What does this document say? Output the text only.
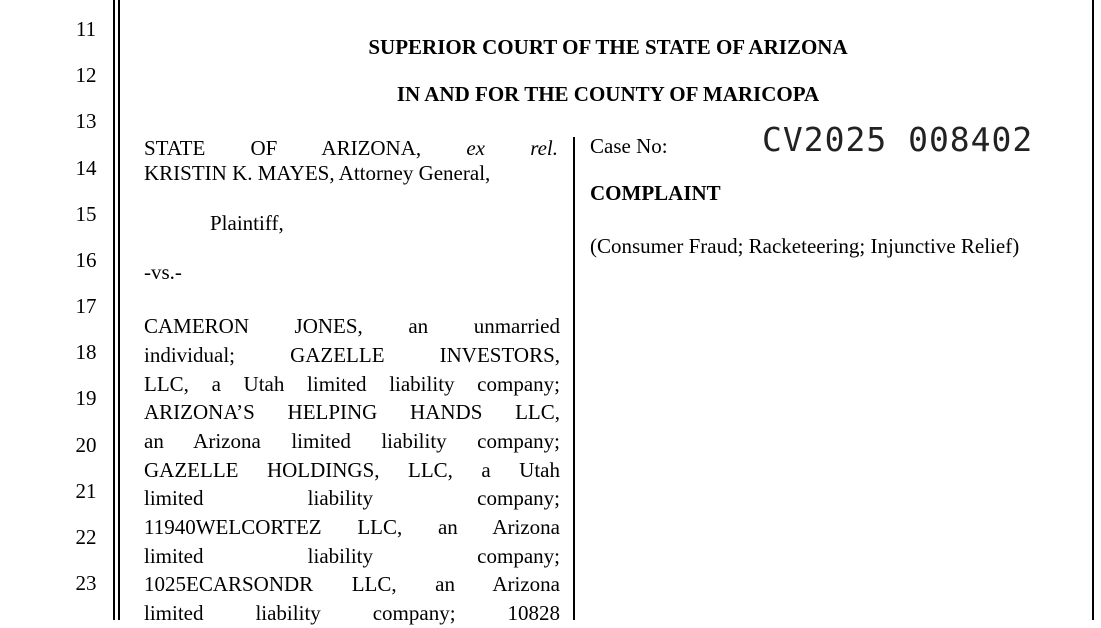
11
12
13
14
15
16
17
18
19
20
21
22
23
SUPERIOR COURT OF THE STATE OF ARIZONA
IN AND FOR THE COUNTY OF MARICOPA
STATE OF ARIZONA, ex rel.
KRISTIN K. MAYES, Attorney General,
Plaintiff,
-vs.-
CAMERON JONES, an unmarried
individual; GAZELLE INVESTORS,
LLC, a Utah limited liability company;
ARIZONA’S HELPING HANDS LLC,
an Arizona limited liability company;
GAZELLE HOLDINGS, LLC, a Utah
limited liability company;
11940WELCORTEZ LLC, an Arizona
limited liability company;
1025ECARSONDR LLC, an Arizona
limited liability company; 10828
Case No:	CV2025 008402
COMPLAINT
(Consumer Fraud; Racketeering; Injunctive Relief)
